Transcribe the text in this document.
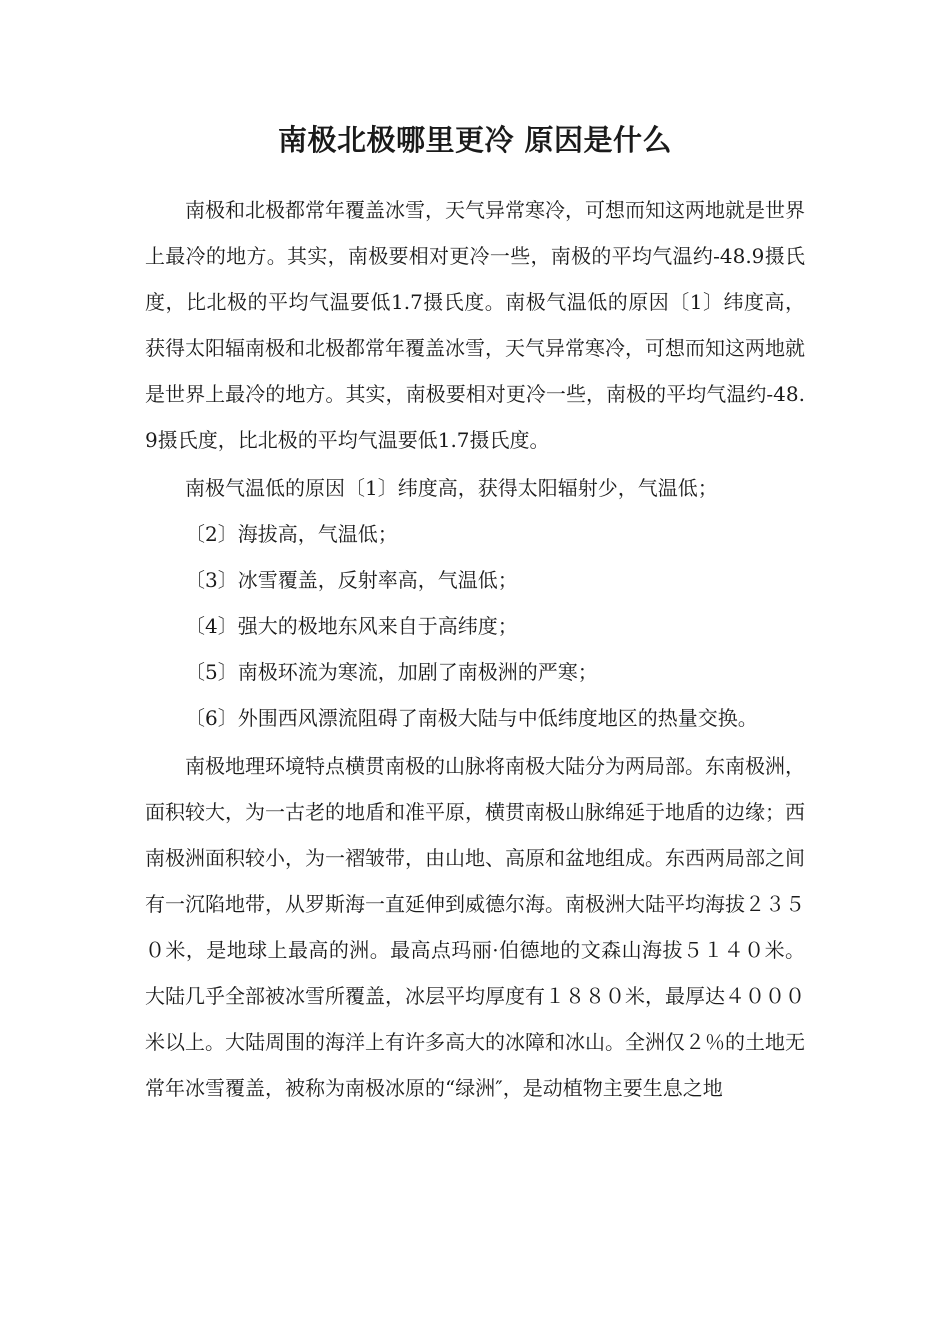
南极北极哪里更冷 原因是什么

南极和北极都常年覆盖冰雪，天气异常寒冷，可想而知这两地就是世界上最冷的地方。其实，南极要相对更冷一些，南极的平均气温约-48.9摄氏度，比北极的平均气温要低1.7摄氏度。南极气温低的原因〔1〕纬度高，获得太阳辐南极和北极都常年覆盖冰雪，天气异常寒冷，可想而知这两地就是世界上最冷的地方。其实，南极要相对更冷一些，南极的平均气温约-48.9摄氏度，比北极的平均气温要低1.7摄氏度。

南极气温低的原因〔1〕纬度高，获得太阳辐射少，气温低；

〔2〕海拔高，气温低；

〔3〕冰雪覆盖，反射率高，气温低；

〔4〕强大的极地东风来自于高纬度；

〔5〕南极环流为寒流，加剧了南极洲的严寒；

〔6〕外围西风漂流阻碍了南极大陆与中低纬度地区的热量交换。

南极地理环境特点横贯南极的山脉将南极大陆分为两局部。东南极洲，面积较大，为一古老的地盾和准平原，横贯南极山脉绵延于地盾的边缘；西南极洲面积较小，为一褶皱带，由山地、高原和盆地组成。东西两局部之间有一沉陷地带，从罗斯海一直延伸到威德尔海。南极洲大陆平均海拔２３５０米，是地球上最高的洲。最高点玛丽·伯德地的文森山海拔５１４０米。大陆几乎全部被冰雪所覆盖，冰层平均厚度有１８８０米，最厚达４０００米以上。大陆周围的海洋上有许多高大的冰障和冰山。全洲仅２％的土地无常年冰雪覆盖，被称为南极冰原的“绿洲″，是动植物主要生息之地
